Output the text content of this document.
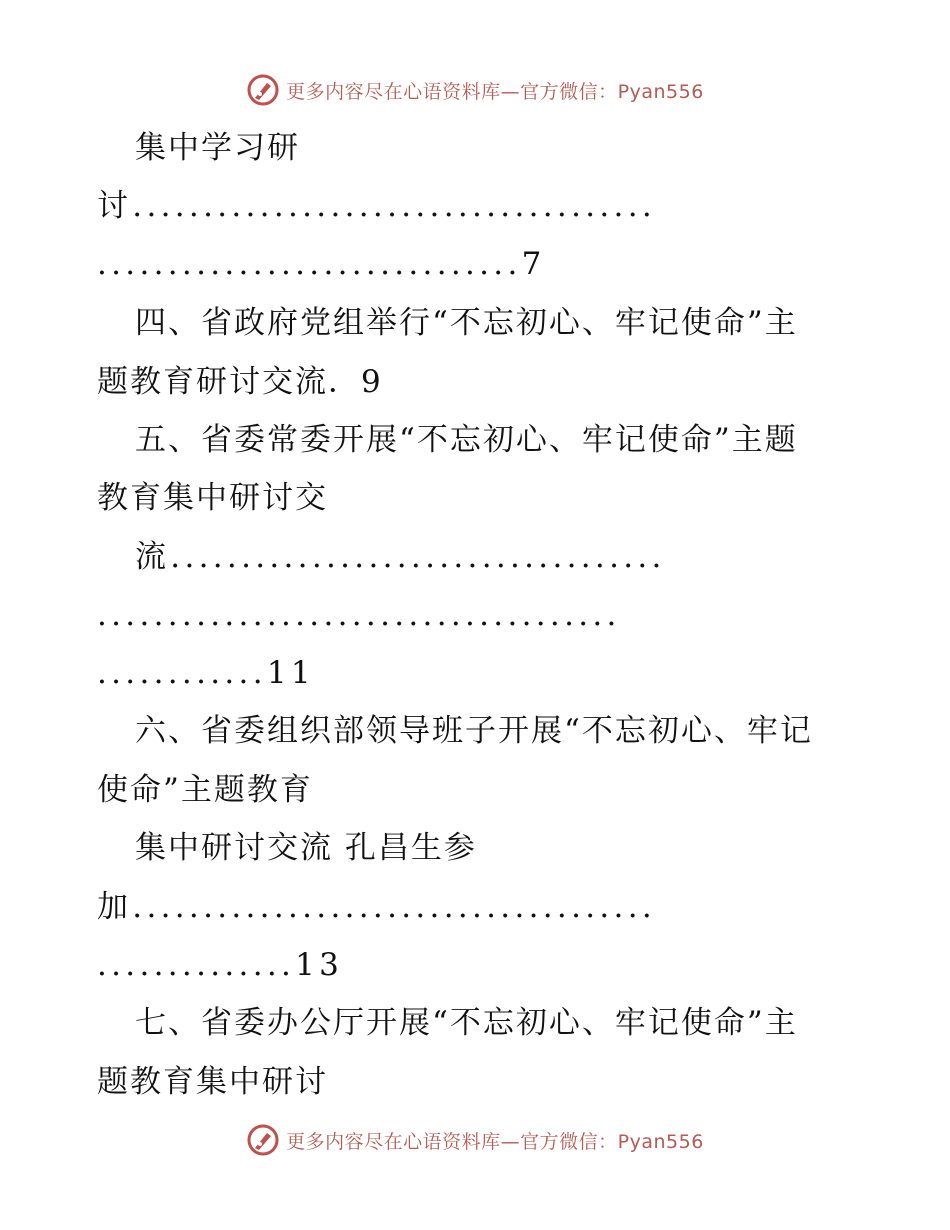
更多内容尽在心语资料库—官方微信：Pyan556
集中学习研
讨.....................................
..............................7
四、省政府党组举行“不忘初心、牢记使命”主
题教育研讨交流．9
五、省委常委开展“不忘初心、牢记使命”主题
教育集中研讨交
流...................................
.....................................
............11
六、省委组织部领导班子开展“不忘初心、牢记
使命”主题教育
集中研讨交流 孔昌生参
加.....................................
..............13
七、省委办公厅开展“不忘初心、牢记使命”主
题教育集中研讨
更多内容尽在心语资料库—官方微信：Pyan556
